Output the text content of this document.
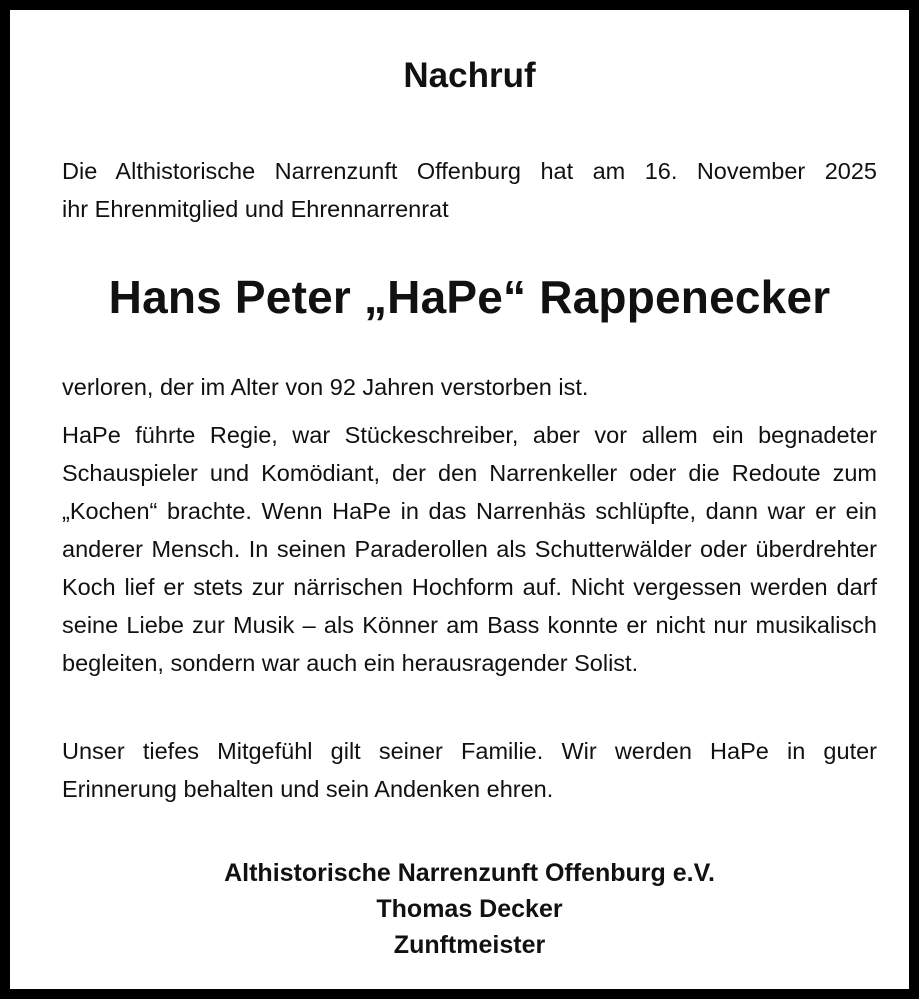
Nachruf
Die Althistorische Narrenzunft Offenburg hat am 16. November 2025
ihr Ehrenmitglied und Ehrennarrenrat
Hans Peter „HaPe“ Rappenecker
verloren, der im Alter von 92 Jahren verstorben ist.
HaPe führte Regie, war Stückeschreiber, aber vor allem ein begnadeter Schauspieler und Komödiant, der den Narrenkeller oder die Redoute zum „Kochen“ brachte. Wenn HaPe in das Narrenhäs schlüpfte, dann war er ein anderer Mensch. In seinen Paraderollen als Schutterwälder oder überdrehter Koch lief er stets zur närrischen Hochform auf. Nicht vergessen werden darf seine Liebe zur Musik – als Könner am Bass konnte er nicht nur musikalisch begleiten, sondern war auch ein herausragender Solist.
Unser tiefes Mitgefühl gilt seiner Familie. Wir werden HaPe in guter Erinnerung behalten und sein Andenken ehren.
Althistorische Narrenzunft Offenburg e.V.
Thomas Decker
Zunftmeister
